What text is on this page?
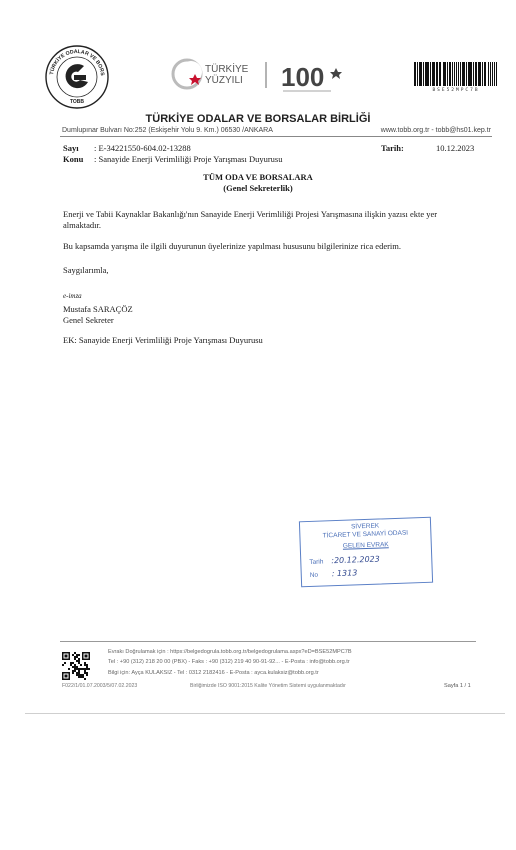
TÜRKİYE ODALAR VE BORS
TOBB
TÜRKİYE
YÜZYILI 100	BSE52MPC7B
TÜRKİYE ODALAR VE BORSALAR BİRLİĞİ
Dumlupınar Bulvarı No:252 (Eskişehir Yolu 9. Km.) 06530 /ANKARA	www.tobb.org.tr - tobb@hs01.kep.tr
Sayı : E-34221550-604.02-13288
Konu : Sanayide Enerji Verimliliği Proje Yarışması Duyurusu
Tarih:	10.12.2023
TÜM ODA VE BORSALARA
(Genel Sekreterlik)
Enerji ve Tabii Kaynaklar Bakanlığı'nın Sanayide Enerji Verimliliği Projesi Yarışmasına ilişkin yazısı ekte yer almaktadır.
Bu kapsamda yarışma ile ilgili duyurunun üyelerinize yapılması hususunu bilgilerinize rica ederim.
Saygılarımla,
e-imza
Mustafa SARAÇÖZ
Genel Sekreter
EK: Sanayide Enerji Verimliliği Proje Yarışması Duyurusu
SİVEREK
TİCARET VE SANAYİ ODASI
GELEN EVRAK
Tarih :20.12.2023
No : 1313
Evrakı Doğrulamak için : https://belgedogrula.tobb.org.tr/belgedogrulama.aspx?eD=BSE52MPC7B
Tel : +90 (312) 218 20 00 (PBX) - Faks : +90 (312) 219 40 90-91-92... - E-Posta : info@tobb.org.tr
Bilgi için: Ayça KULAKSIZ - Tel : 0312 2182416 - E-Posta : ayca.kulaksiz@tobb.org.tr
F022/1/01.07.2003/5/07.02.2023	Birliğimizde ISO 9001:2015 Kalite Yönetim Sistemi uygulanmaktadır	Sayfa 1 / 1
